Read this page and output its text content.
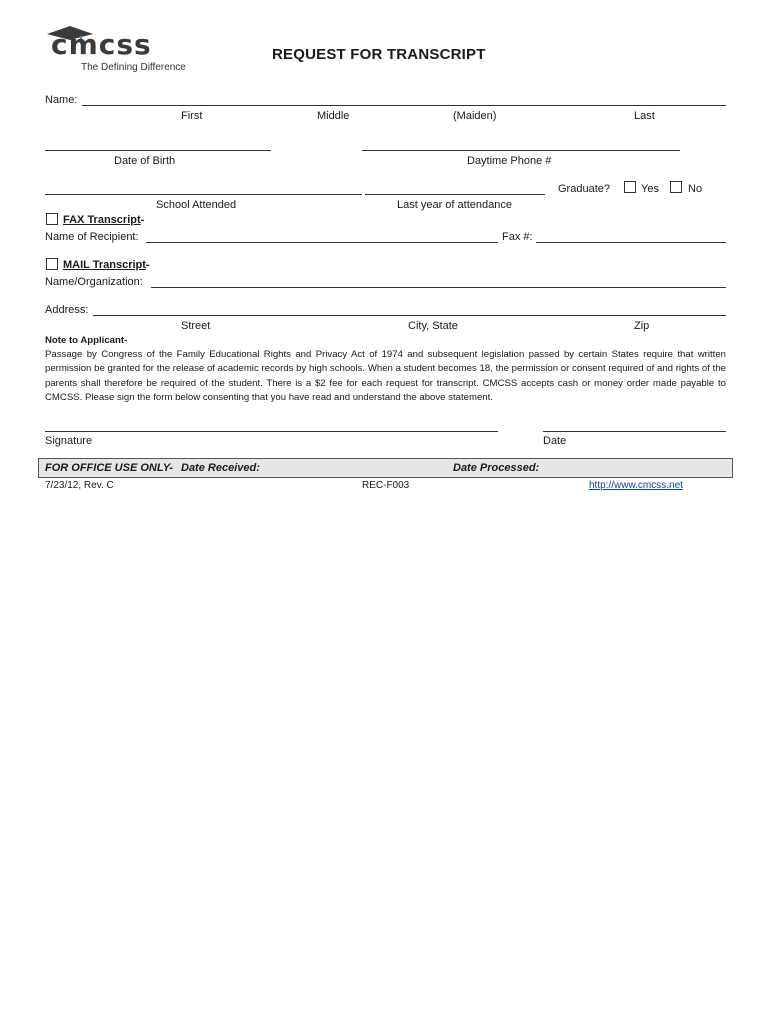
cmcss
The Defining Difference
REQUEST FOR TRANSCRIPT
Name:
First	Middle	(Maiden)	Last
Date of Birth	Daytime Phone #
Graduate?	Yes	No
School Attended	Last year of attendance
FAX Transcript-
Name of Recipient:	Fax #:
MAIL Transcript-
Name/Organization:
Address:
Street	City, State	Zip
Note to Applicant-
Passage by Congress of the Family Educational Rights and Privacy Act of 1974 and subsequent legislation passed by certain States require that written permission be granted for the release of academic records by high schools. When a student becomes 18, the permission or consent required of and rights of the parents shall therefore be required of the student. There is a $2 fee for each request for transcript. CMCSS accepts cash or money order made payable to CMCSS. Please sign the form below consenting that you have read and understand the above statement.
Signature	Date
FOR OFFICE USE ONLY- Date Received:	Date Processed:
7/23/12, Rev. C	REC-F003	http://www.cmcss.net
